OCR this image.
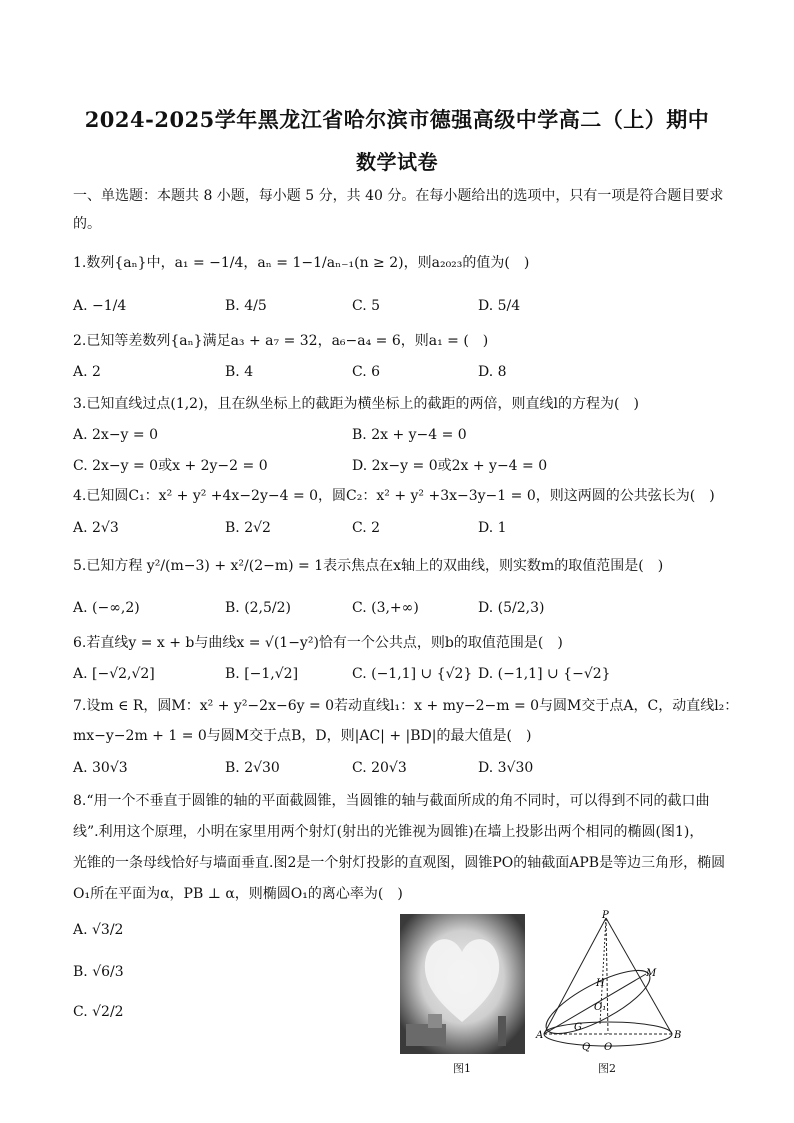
2024-2025学年黑龙江省哈尔滨市德强高级中学高二（上）期中
数学试卷
一、单选题：本题共 8 小题，每小题 5 分，共 40 分。在每小题给出的选项中，只有一项是符合题目要求
的。
1.数列{aₙ}中，a₁ = −1/4，aₙ = 1−1/aₙ₋₁(n ≥ 2)，则a₂₀₂₃的值为(　)
A. −1/4	B. 4/5	C. 5	D. 5/4
2.已知等差数列{aₙ}满足a₃ + a₇ = 32，a₆−a₄ = 6，则a₁ = (　)
A. 2	B. 4	C. 6	D. 8
3.已知直线过点(1,2)，且在纵坐标上的截距为横坐标上的截距的两倍，则直线l的方程为(　)
A. 2x−y = 0	B. 2x + y−4 = 0
C. 2x−y = 0或x + 2y−2 = 0	D. 2x−y = 0或2x + y−4 = 0
4.已知圆C₁：x² + y² +4x−2y−4 = 0，圆C₂：x² + y² +3x−3y−1 = 0，则这两圆的公共弦长为(　)
A. 2√3	B. 2√2	C. 2	D. 1
5.已知方程 y²/(m−3) + x²/(2−m) = 1表示焦点在x轴上的双曲线，则实数m的取值范围是(　)
A. (−∞,2)	B. (2,5/2)	C. (3,+∞)	D. (5/2,3)
6.若直线y = x + b与曲线x = √(1−y²)恰有一个公共点，则b的取值范围是(　)
A. [−√2,√2]	B. [−1,√2]	C. (−1,1] ∪ {√2} D. (−1,1] ∪ {−√2}
7.设m ∈ R，圆M：x² + y²−2x−6y = 0若动直线l₁：x + my−2−m = 0与圆M交于点A，C，动直线l₂：
mx−y−2m + 1 = 0与圆M交于点B，D，则|AC| + |BD|的最大值是(　)
A. 30√3	B. 2√30	C. 20√3	D. 3√30
8.“用一个不垂直于圆锥的轴的平面截圆锥，当圆锥的轴与截面所成的角不同时，可以得到不同的截口曲
线”.利用这个原理，小明在家里用两个射灯(射出的光锥视为圆锥)在墙上投影出两个相同的椭圆(图1)，
光锥的一条母线恰好与墙面垂直.图2是一个射灯投影的直观图，圆锥PO的轴截面APB是等边三角形，椭圆
O₁所在平面为α，PB ⊥ α，则椭圆O₁的离心率为(　)
A. √3/2
B. √6/3
C. √2/2
P
M
H
O₁
A
G
Q O
B
图1	图2
